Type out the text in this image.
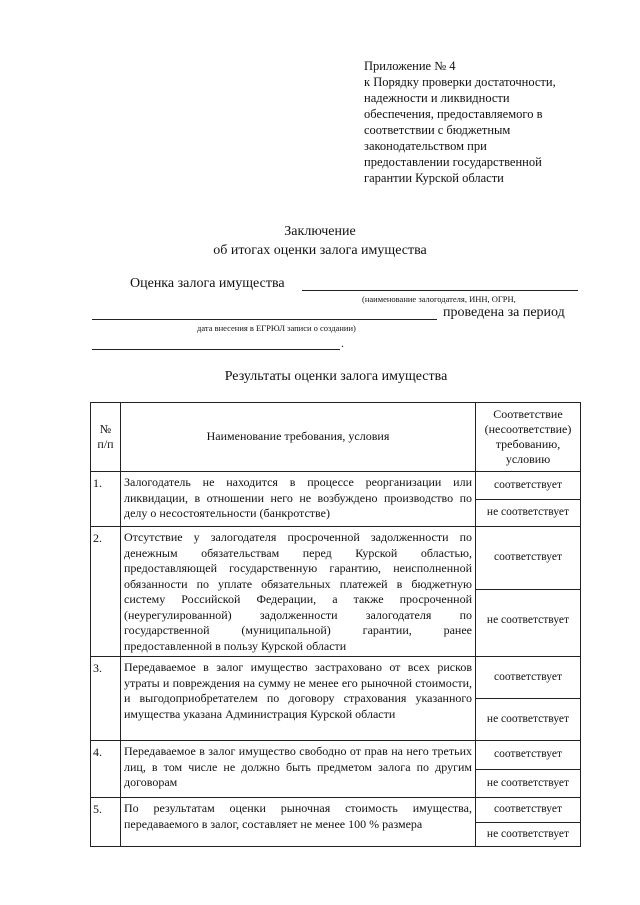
Приложение № 4
к Порядку проверки достаточности,
надежности и ликвидности
обеспечения, предоставляемого в
соответствии с бюджетным
законодательством при
предоставлении государственной
гарантии Курской области
Заключение
об итогах оценки залога имущества
Оценка залога имущества
(наименование залогодателя, ИНН, ОГРН,
проведена за период
дата внесения в ЕГРЮЛ записи о создании)
.
Результаты оценки залога имущества
№ п/п	Наименование требования, условия	Соответствие (несоответствие) требованию, условию
1.	Залогодатель не находится в процессе реорганизации или ликвидации, в отношении него не возбуждено производство по делу о несостоятельности (банкротстве)	соответствует
не соответствует

2.	Отсутствие у залогодателя просроченной задолженности по денежным обязательствам перед Курской областью, предоставляющей государственную гарантию, неисполненной обязанности по уплате обязательных платежей в бюджетную систему Российской Федерации, а также просроченной (неурегулированной) задолженности залогодателя по государственной (муниципальной) гарантии, ранее предоставленной в пользу Курской области	соответствует
не соответствует

3.	Передаваемое в залог имущество застраховано от всех рисков утраты и повреждения на сумму не менее его рыночной стоимости, и выгодоприобретателем по договору страхования указанного имущества указана Администрация Курской области	соответствует
не соответствует

4.	Передаваемое в залог имущество свободно от прав на него третьих лиц, в том числе не должно быть предметом залога по другим договорам	соответствует
не соответствует

5.	По результатам оценки рыночная стоимость имущества, передаваемого в залог, составляет не менее 100 % размера	соответствует
не соответствует
